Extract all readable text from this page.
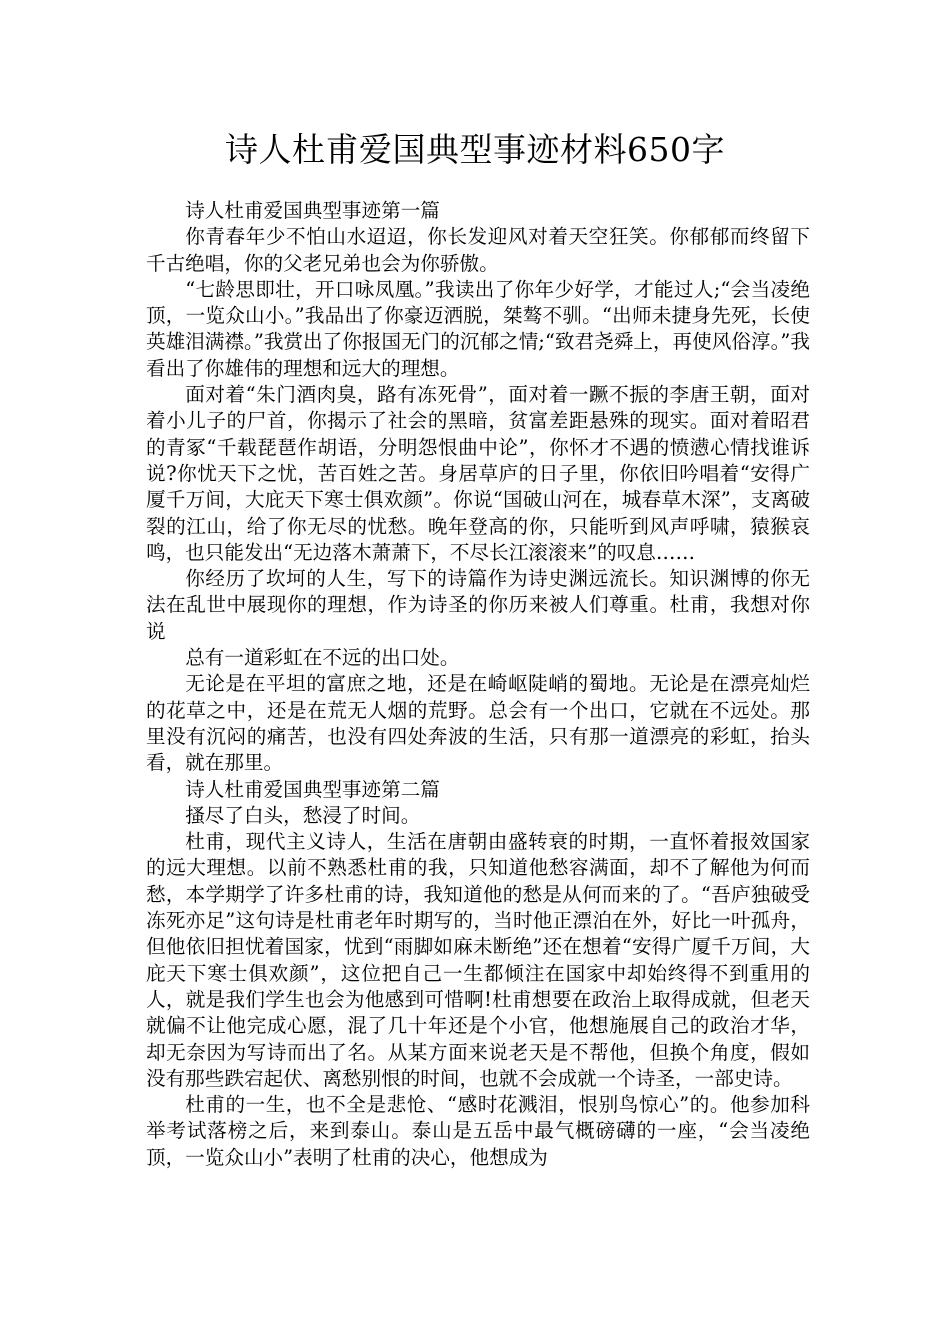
诗人杜甫爱国典型事迹材料650字

诗人杜甫爱国典型事迹第一篇

你青春年少不怕山水迢迢，你长发迎风对着天空狂笑。你郁郁而终留下千古绝唱，你的父老兄弟也会为你骄傲。

“七龄思即壮，开口咏凤凰。”我读出了你年少好学，才能过人;“会当凌绝顶，一览众山小。”我品出了你豪迈洒脱，桀骜不驯。“出师未捷身先死，长使英雄泪满襟。”我赏出了你报国无门的沉郁之情;“致君尧舜上，再使风俗淳。”我看出了你雄伟的理想和远大的理想。

面对着“朱门酒肉臭，路有冻死骨”，面对着一蹶不振的李唐王朝，面对着小儿子的尸首，你揭示了社会的黑暗，贫富差距悬殊的现实。面对着昭君的青冢“千载琵琶作胡语，分明怨恨曲中论”，你怀才不遇的愤懑心情找谁诉说?你忧天下之忧，苦百姓之苦。身居草庐的日子里，你依旧吟唱着“安得广厦千万间，大庇天下寒士俱欢颜”。你说“国破山河在，城春草木深”，支离破裂的江山，给了你无尽的忧愁。晚年登高的你，只能听到风声呼啸，猿猴哀鸣，也只能发出“无边落木萧萧下，不尽长江滚滚来”的叹息……

你经历了坎坷的人生，写下的诗篇作为诗史渊远流长。知识渊博的你无法在乱世中展现你的理想，作为诗圣的你历来被人们尊重。杜甫，我想对你说

总有一道彩虹在不远的出口处。

无论是在平坦的富庶之地，还是在崎岖陡峭的蜀地。无论是在漂亮灿烂的花草之中，还是在荒无人烟的荒野。总会有一个出口，它就在不远处。那里没有沉闷的痛苦，也没有四处奔波的生活，只有那一道漂亮的彩虹，抬头看，就在那里。

诗人杜甫爱国典型事迹第二篇

搔尽了白头，愁浸了时间。

杜甫，现代主义诗人，生活在唐朝由盛转衰的时期，一直怀着报效国家的远大理想。以前不熟悉杜甫的我，只知道他愁容满面，却不了解他为何而愁，本学期学了许多杜甫的诗，我知道他的愁是从何而来的了。“吾庐独破受冻死亦足”这句诗是杜甫老年时期写的，当时他正漂泊在外，好比一叶孤舟，但他依旧担忧着国家，忧到“雨脚如麻未断绝”还在想着“安得广厦千万间，大庇天下寒士俱欢颜”，这位把自己一生都倾注在国家中却始终得不到重用的人，就是我们学生也会为他感到可惜啊!杜甫想要在政治上取得成就，但老天就偏不让他完成心愿，混了几十年还是个小官，他想施展自己的政治才华，却无奈因为写诗而出了名。从某方面来说老天是不帮他，但换个角度，假如没有那些跌宕起伏、离愁别恨的时间，也就不会成就一个诗圣，一部史诗。

杜甫的一生，也不全是悲怆、“感时花溅泪，恨别鸟惊心”的。他参加科举考试落榜之后，来到泰山。泰山是五岳中最气概磅礴的一座，“会当凌绝顶，一览众山小”表明了杜甫的决心，他想成为
